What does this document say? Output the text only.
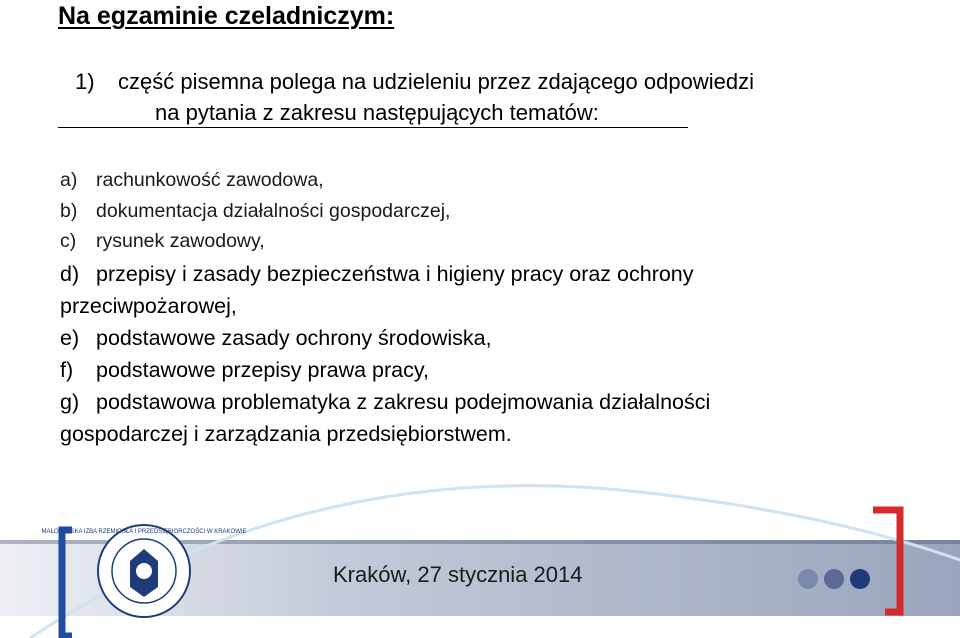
Na egzaminie czeladniczym:
1) część pisemna polega na udzieleniu przez zdającego odpowiedzi
na pytania z zakresu następujących tematów:
a) rachunkowość zawodowa,
b) dokumentacja działalności gospodarczej,
c) rysunek zawodowy,
d) przepisy i zasady bezpieczeństwa i higieny pracy oraz ochrony
przeciwpożarowej,
e) podstawowe zasady ochrony środowiska,
f) podstawowe przepisy prawa pracy,
g) podstawowa problematyka z zakresu podejmowania działalności
gospodarczej i zarządzania przedsiębiorstwem.
MAŁOPOLSKA IZBA RZEMIOSŁA I PRZEDSIĘBIORCZOŚCI W KRAKOWIE
Kraków, 27 stycznia 2014
